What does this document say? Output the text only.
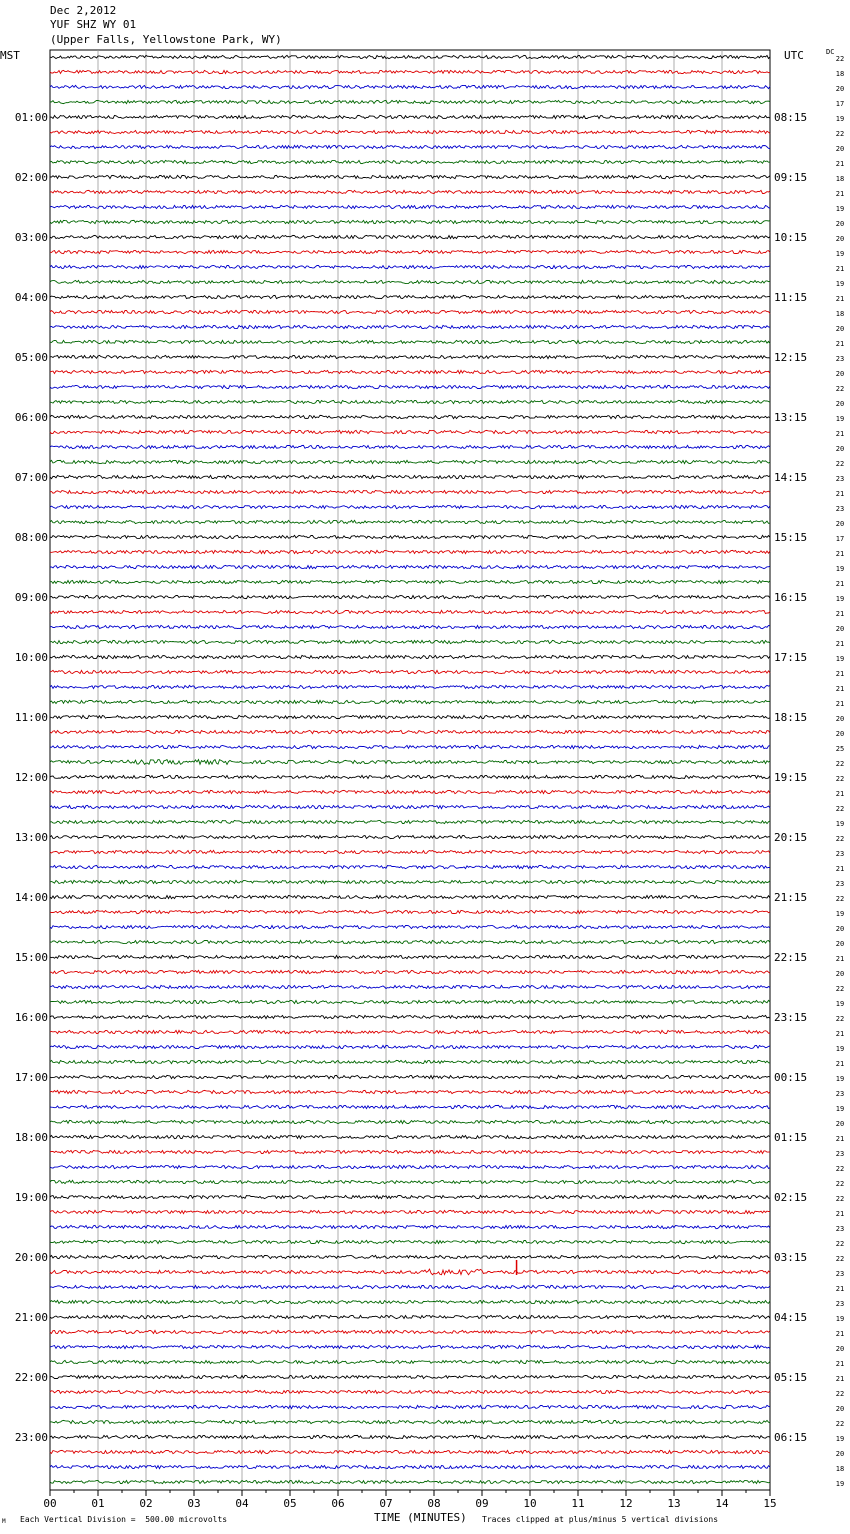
Dec 2,2012
YUF SHZ WY 01
(Upper Falls, Yellowstone Park, WY)
MST	UTC	DC
00	01	02	03	04	05	06	07	08	09	10	11	12	13	14	15
22
18
20
17
19
22
20
21
18
21
19
20
20
19
21
19
21
18
20
21
23
20
22
20
19
21
20
22
23
21
23
20
17
21
19
21
19
21
20
21
19
21
21
21
20
20
25
22
22
21
22
19
22
23
21
23
22
19
20
20
21
20
22
19
22
21
19
21
19
23
19
20
21
23
22
22
22
21
23
22
22
23
21
23
19
21
20
21
21
22
20
22
19
20
18
19
01:00	08:15
02:00	09:15
03:00	10:15
04:00	11:15
05:00	12:15
06:00	13:15
07:00	14:15
08:00	15:15
09:00	16:15
10:00	17:15
11:00	18:15
12:00	19:15
13:00	20:15
14:00	21:15
15:00	22:15
16:00	23:15
17:00	00:15
18:00	01:15
19:00	02:15
20:00	03:15
21:00	04:15
22:00	05:15
23:00	06:15
TIME (MINUTES)
M Each Vertical Division =  500.00 microvolts	Traces clipped at plus/minus 5 vertical divisions
